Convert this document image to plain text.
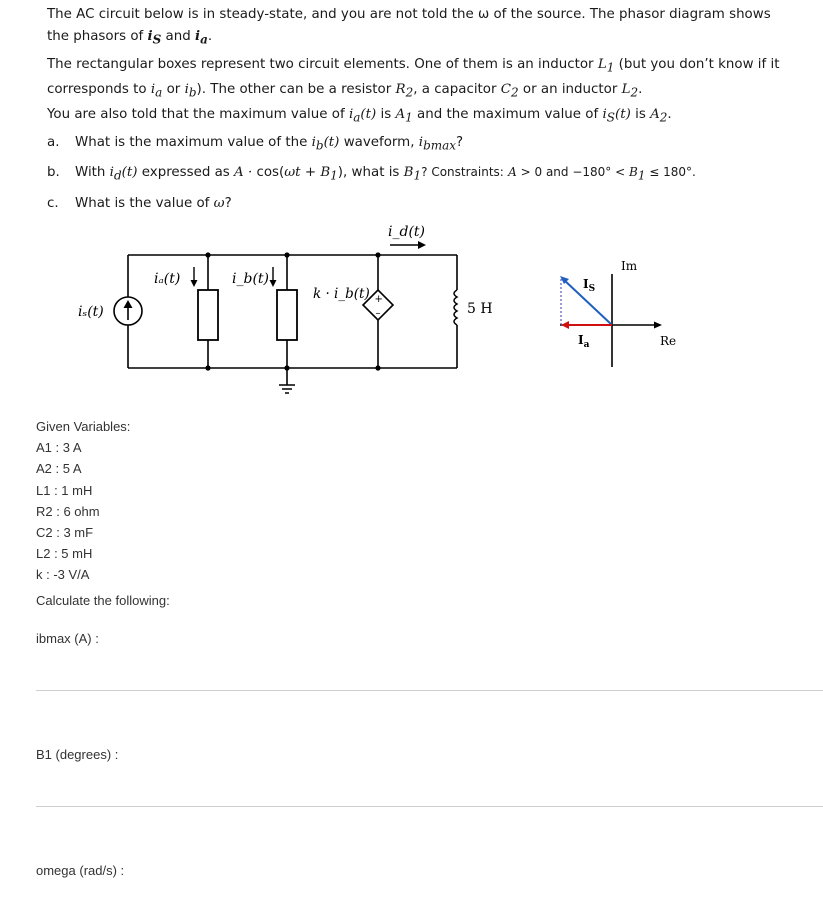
The AC circuit below is in steady-state, and you are not told the ω of the source. The phasor diagram shows the phasors of $i_S$ and $i_a$.

The rectangular boxes represent two circuit elements. One of them is an inductor $L_1$ (but you don’t know if it corresponds to $i_a$ or $i_b$). The other can be a resistor $R_2$, a capacitor $C_2$ or an inductor $L_2$.

You are also told that the maximum value of $i_a(t)$ is $A_1$ and the maximum value of $i_S(t)$ is $A_2$.

a. What is the maximum value of the $i_b(t)$ waveform, $i_{bmax}$?
b. With $i_d(t)$ expressed as $A \cdot \cos(\omega t + B_1)$, what is $B_1$? Constraints: A > 0 and $-180^\circ < B_1 \le 180^\circ$.
c. What is the value of ω?
iₛ(t)
iₐ(t)	i_b(t)
+
–
k · i_b(t)
i_d(t)
5 H
Im
Re
$I_S$
$I_a$
Given Variables:
A1 : 3 A
A2 : 5 A
L1 : 1 mH
R2 : 6 ohm
C2 : 3 mF
L2 : 5 mH
k : -3 V/A
Calculate the following:
ibmax (A) :
B1 (degrees) :
omega (rad/s) :
